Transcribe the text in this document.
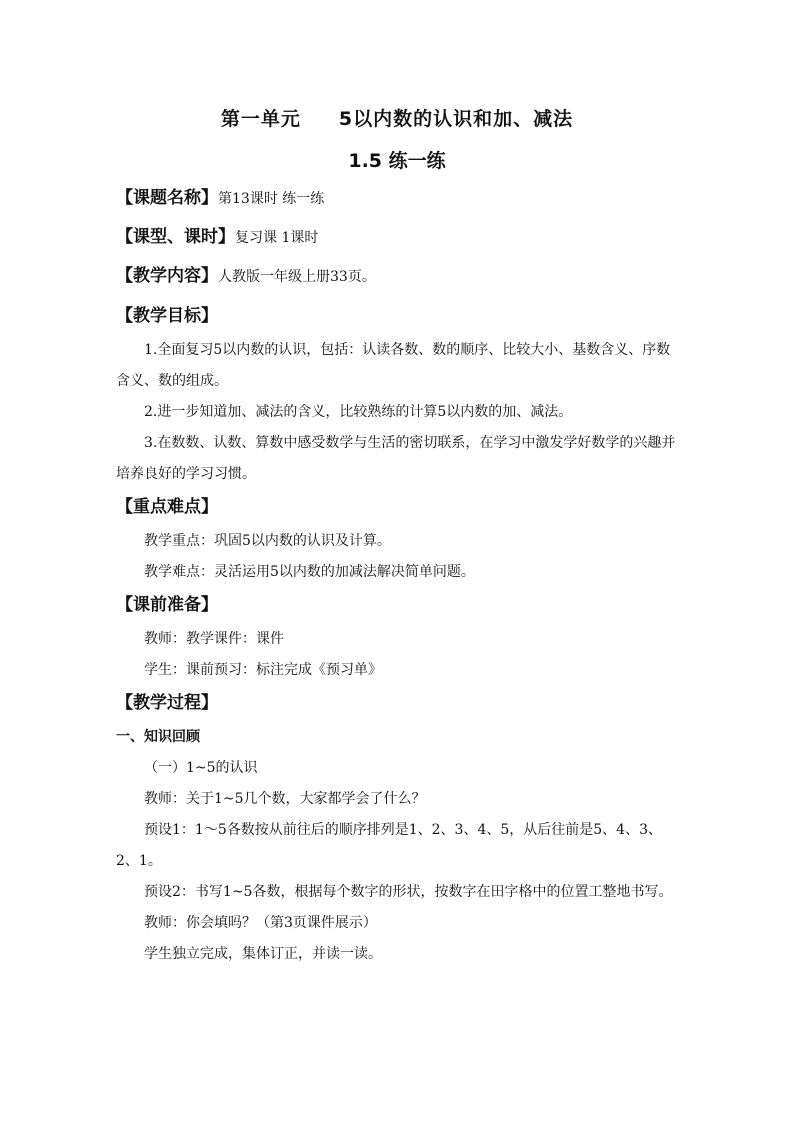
第一单元     5以内数的认识和加、减法
1.5 练一练
【课题名称】第13课时 练一练
【课型、课时】复习课 1课时
【教学内容】人教版一年级上册33页。
【教学目标】

1.全面复习5以内数的认识，包括：认读各数、数的顺序、比较大小、基数含义、序数含义、数的组成。

2.进一步知道加、减法的含义，比较熟练的计算5以内数的加、减法。

3.在数数、认数、算数中感受数学与生活的密切联系，在学习中激发学好数学的兴趣并培养良好的学习习惯。

【重点难点】

教学重点：巩固5以内数的认识及计算。

教学难点：灵活运用5以内数的加减法解决简单问题。

【课前准备】

教师：教学课件：课件

学生：课前预习：标注完成《预习单》

【教学过程】

一、知识回顾

（一）1~5的认识

教师：关于1~5几个数，大家都学会了什么？

预设1：1～5各数按从前往后的顺序排列是1、2、3、4、5，从后往前是5、4、3、2、1。

预设2：书写1~5各数，根据每个数字的形状，按数字在田字格中的位置工整地书写。

教师：你会填吗？（第3页课件展示）

学生独立完成，集体订正，并读一读。
